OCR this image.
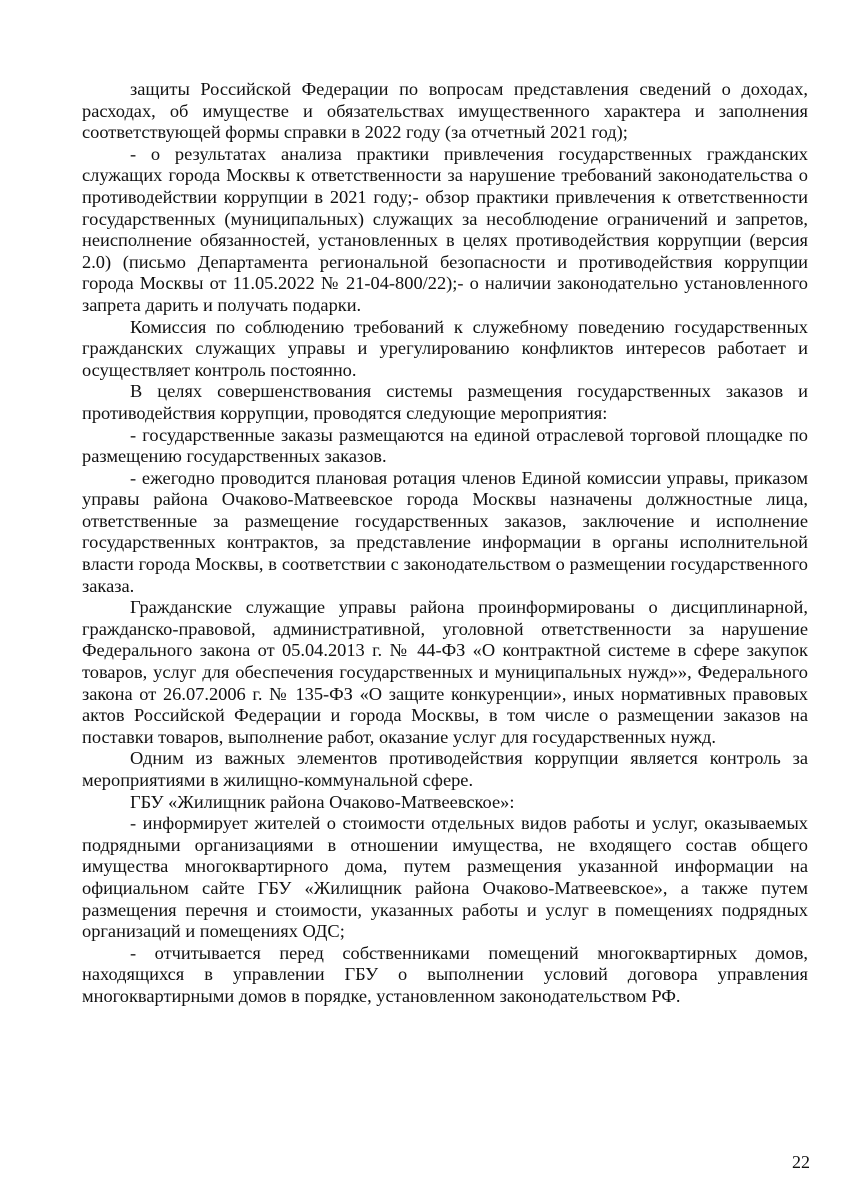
защиты Российской Федерации по вопросам представления сведений о доходах, расходах, об имуществе и обязательствах имущественного характера и заполнения соответствующей формы справки в 2022 году (за отчетный 2021 год);

- о результатах анализа практики привлечения государственных гражданских служащих города Москвы к ответственности за нарушение требований законодательства о противодействии коррупции в 2021 году;- обзор практики привлечения к ответственности государственных (муниципальных) служащих за несоблюдение ограничений и запретов, неисполнение обязанностей, установленных в целях противодействия коррупции (версия 2.0) (письмо Департамента региональной безопасности и противодействия коррупции города Москвы от 11.05.2022 № 21-04-800/22);- о наличии законодательно установленного запрета дарить и получать подарки.

Комиссия по соблюдению требований к служебному поведению государственных гражданских служащих управы и урегулированию конфликтов интересов работает и осуществляет контроль постоянно.

В целях совершенствования системы размещения государственных заказов и противодействия коррупции, проводятся следующие мероприятия:

- государственные заказы размещаются на единой отраслевой торговой площадке по размещению государственных заказов.

- ежегодно проводится плановая ротация членов Единой комиссии управы, приказом управы района Очаково-Матвеевское города Москвы назначены должностные лица, ответственные за размещение государственных заказов, заключение и исполнение государственных контрактов, за представление информации в органы исполнительной власти города Москвы, в соответствии с законодательством о размещении государственного заказа.

Гражданские служащие управы района проинформированы о дисциплинарной, гражданско-правовой, административной, уголовной ответственности за нарушение Федерального закона от 05.04.2013 г. № 44-ФЗ «О контрактной системе в сфере закупок товаров, услуг для обеспечения государственных и муниципальных нужд»», Федерального закона от 26.07.2006 г. № 135-ФЗ «О защите конкуренции», иных нормативных правовых актов Российской Федерации и города Москвы, в том числе о размещении заказов на поставки товаров, выполнение работ, оказание услуг для государственных нужд.

Одним из важных элементов противодействия коррупции является контроль за мероприятиями в жилищно-коммунальной сфере.

ГБУ «Жилищник района Очаково-Матвеевское»:

- информирует жителей о стоимости отдельных видов работы и услуг, оказываемых подрядными организациями в отношении имущества, не входящего состав общего имущества многоквартирного дома, путем размещения указанной информации на официальном сайте ГБУ «Жилищник района Очаково-Матвеевское», а также путем размещения перечня и стоимости, указанных работы и услуг в помещениях подрядных организаций и помещениях ОДС;

- отчитывается перед собственниками помещений многоквартирных домов, находящихся в управлении ГБУ о выполнении условий договора управления многоквартирными домов в порядке, установленном законодательством РФ.

22
